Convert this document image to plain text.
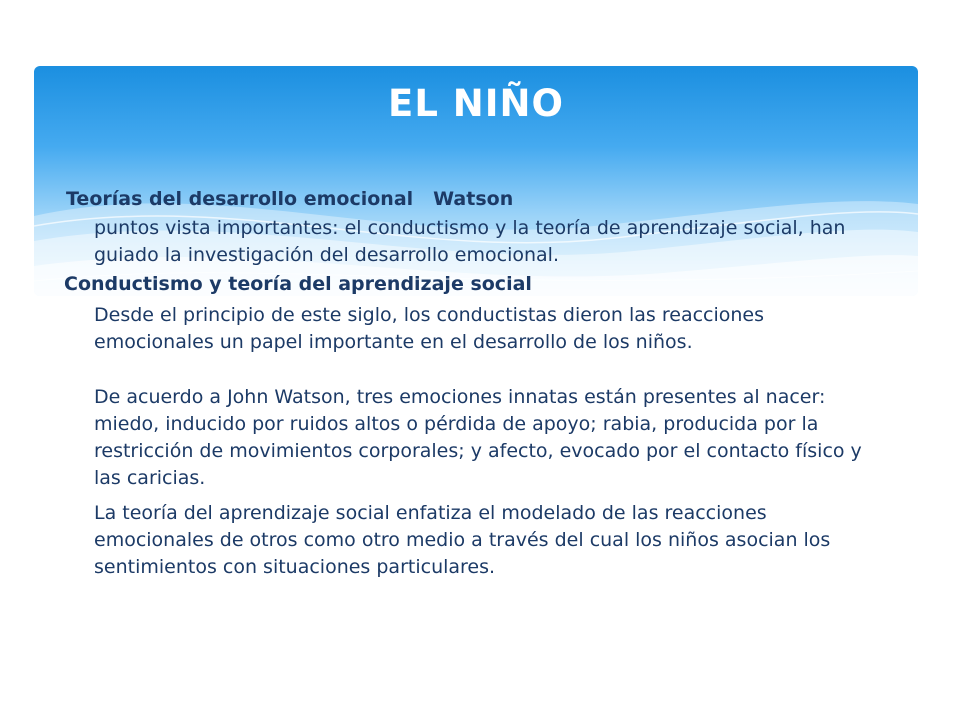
EL NIÑO

Teorías del desarrollo emocional Watson

puntos vista importantes: el conductismo y la teoría de aprendizaje social, han guiado la investigación del desarrollo emocional.

Conductismo y teoría del aprendizaje social

Desde el principio de este siglo, los conductistas dieron las reacciones emocionales un papel importante en el desarrollo de los niños.

De acuerdo a John Watson, tres emociones innatas están presentes al nacer: miedo, inducido por ruidos altos o pérdida de apoyo; rabia, producida por la restricción de movimientos corporales; y afecto, evocado por el contacto físico y las caricias.

La teoría del aprendizaje social enfatiza el modelado de las reacciones emocionales de otros como otro medio a través del cual los niños asocian los sentimientos con situaciones particulares.
